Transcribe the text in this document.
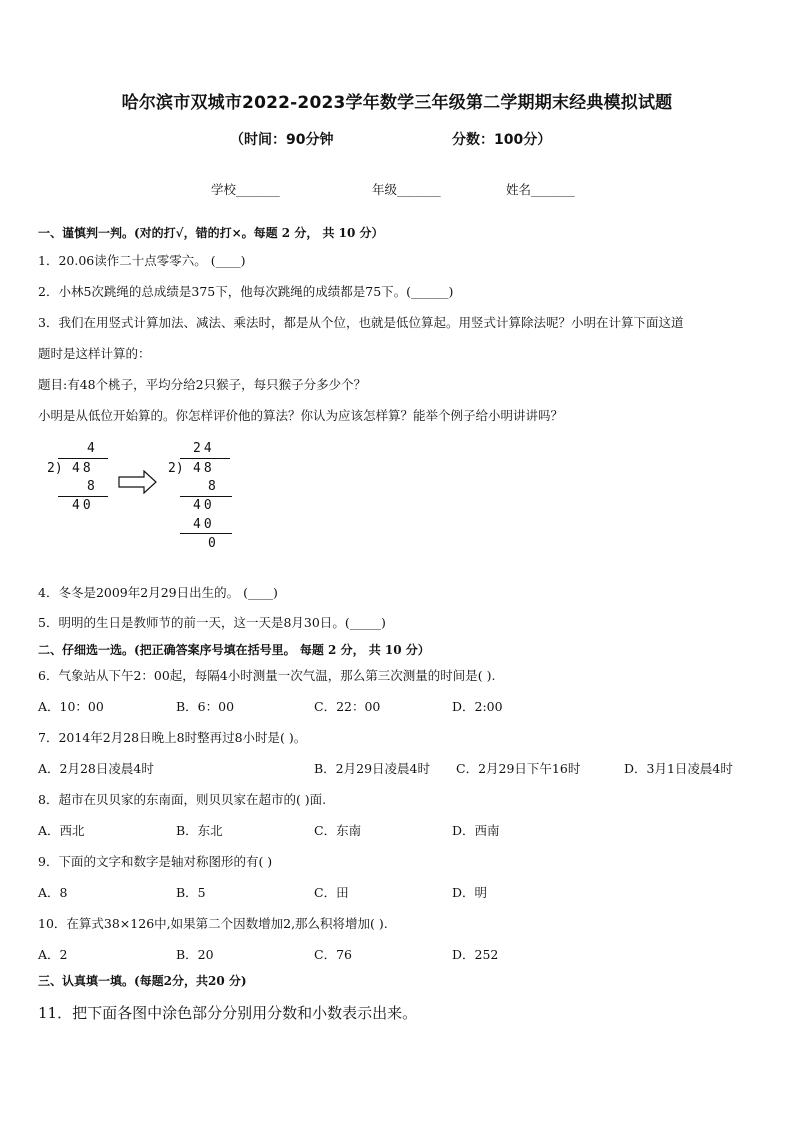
哈尔滨市双城市2022-2023学年数学三年级第二学期期末经典模拟试题
（时间：90分钟	分数：100分）
学校_______	年级_______	姓名_______
一、谨慎判一判。(对的打√，错的打×。每题 2 分， 共 10 分）
1．20.06读作二十点零零六。 (____)
2．小林5次跳绳的总成绩是375下，他每次跳绳的成绩都是75下。(______)
3．我们在用竖式计算加法、减法、乘法时，都是从个位，也就是低位算起。用竖式计算除法呢？小明在计算下面这道
题时是这样计算的：
题目:有48个桃子，平均分给2只猴子，每只猴子分多少个？
小明是从低位开始算的。你怎样评价他的算法？你认为应该怎样算？能举个例子给小明讲讲吗？
4
2) 48
8
40
24
2) 48
8
40
40
0
4．冬冬是2009年2月29日出生的。 (____)
5．明明的生日是教师节的前一天，这一天是8月30日。(_____)
二、仔细选一选。(把正确答案序号填在括号里。 每题 2 分， 共 10 分）
6．气象站从下午2：00起，每隔4小时测量一次气温，那么第三次测量的时间是( ).
A．10：00	B．6：00	C．22：00	D．2:00
7．2014年2月28日晚上8时整再过8小时是( )。
A．2月28日凌晨4时	B．2月29日凌晨4时 C．2月29日下午16时	D．3月1日凌晨4时
8．超市在贝贝家的东南面，则贝贝家在超市的( )面.
A．西北	B．东北	C．东南	D．西南
9．下面的文字和数字是轴对称图形的有( )
A．8	B．5	C．田	D．明
10．在算式38×126中,如果第二个因数增加2,那么积将增加( ).
A．2	B．20	C．76	D．252
三、认真填一填。(每题2分，共20 分)
11．把下面各图中涂色部分分别用分数和小数表示出来。
